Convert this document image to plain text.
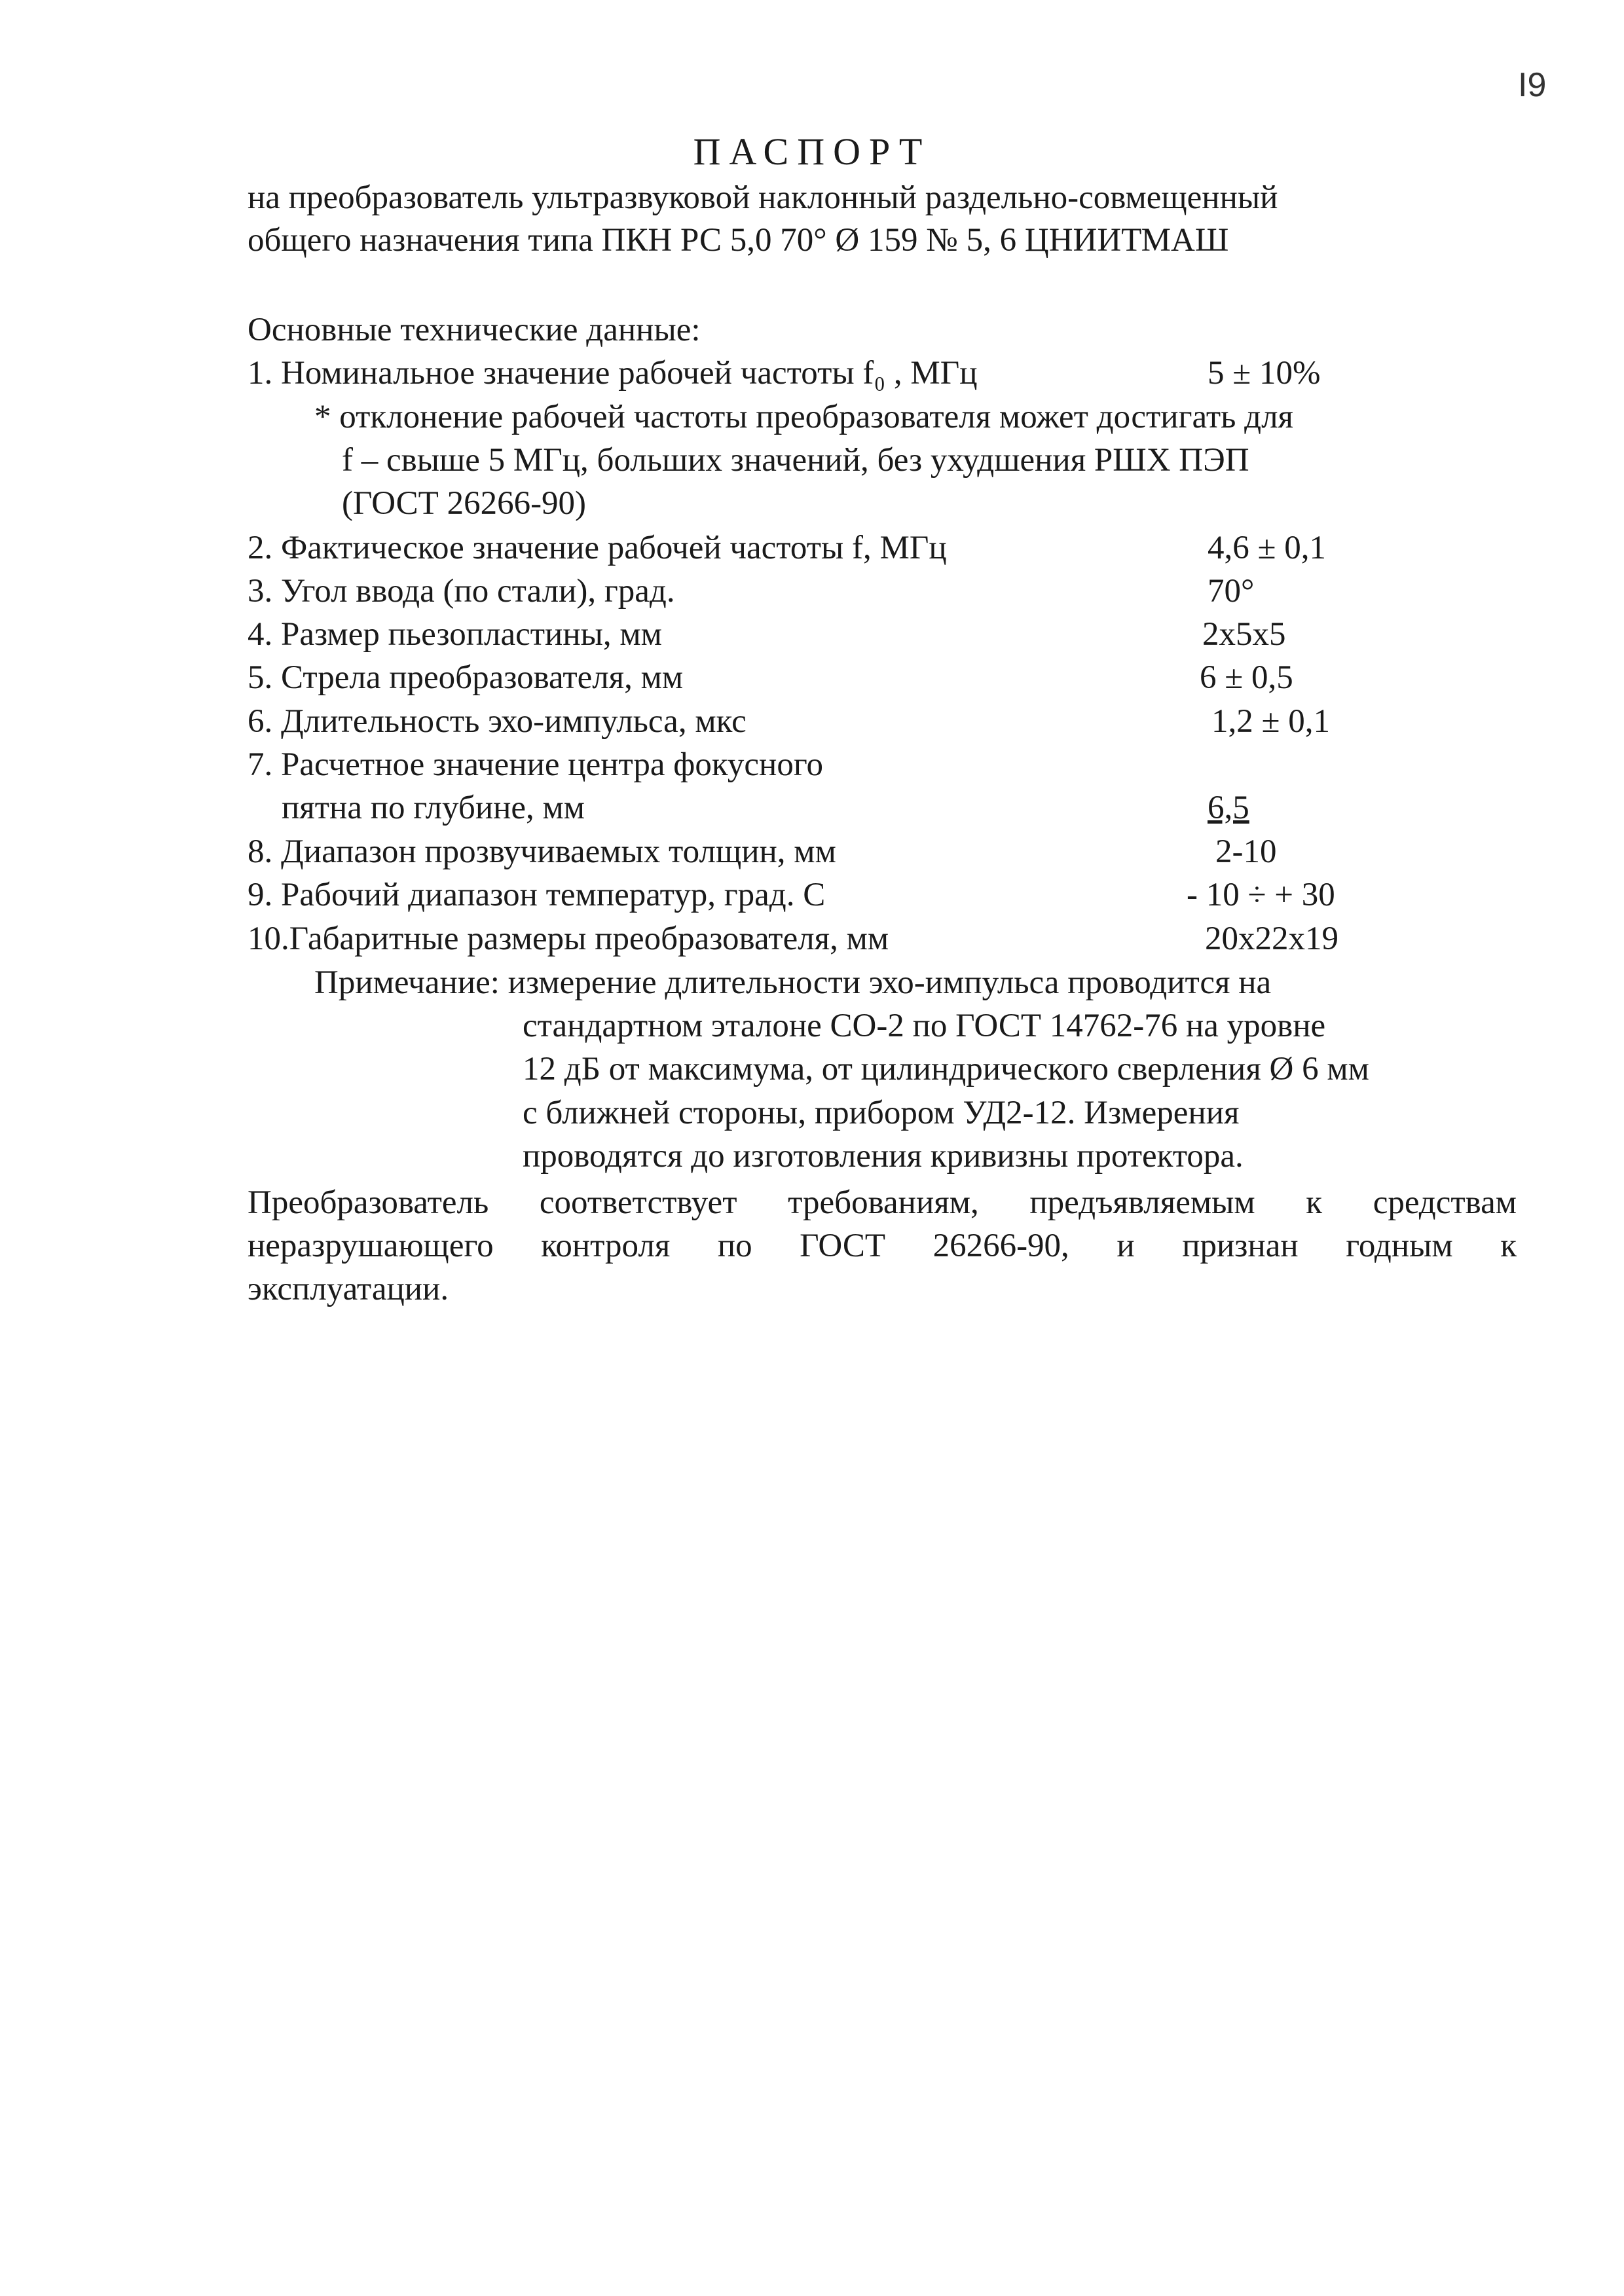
I9
ПАСПОРТ
на преобразователь ультразвуковой наклонный раздельно-совмещенный
общего назначения типа ПКН РС 5,0 70° Ø 159 № 5, 6 ЦНИИТМАШ
Основные технические данные:
1. Номинальное значение рабочей частоты f₀ , МГц	5 ± 10%
* отклонение рабочей частоты преобразователя может достигать для
f – свыше 5 МГц, больших значений, без ухудшения РШХ ПЭП
(ГОСТ 26266-90)
2. Фактическое значение рабочей частоты f, МГц	4,6 ± 0,1
3. Угол ввода (по стали), град.	70°
4. Размер пьезопластины, мм	2х5х5
5. Стрела преобразователя, мм	6 ± 0,5
6. Длительность эхо-импульса, мкс	1,2 ± 0,1
7. Расчетное значение центра фокусного
пятна по глубине, мм	6,5
8. Диапазон прозвучиваемых толщин, мм	2-10
9. Рабочий диапазон температур, град. С	- 10 ÷ + 30
10.Габаритные размеры преобразователя, мм	20х22х19
Примечание: измерение длительности эхо-импульса проводится на
стандартном эталоне СО-2 по ГОСТ 14762-76 на уровне
12 дБ от максимума, от цилиндрического сверления Ø 6 мм
с ближней стороны, прибором УД2-12. Измерения
проводятся до изготовления кривизны протектора.
Преобразователь соответствует требованиям, предъявляемым к средствам
неразрушающего контроля по ГОСТ 26266-90, и признан годным к
эксплуатации.
